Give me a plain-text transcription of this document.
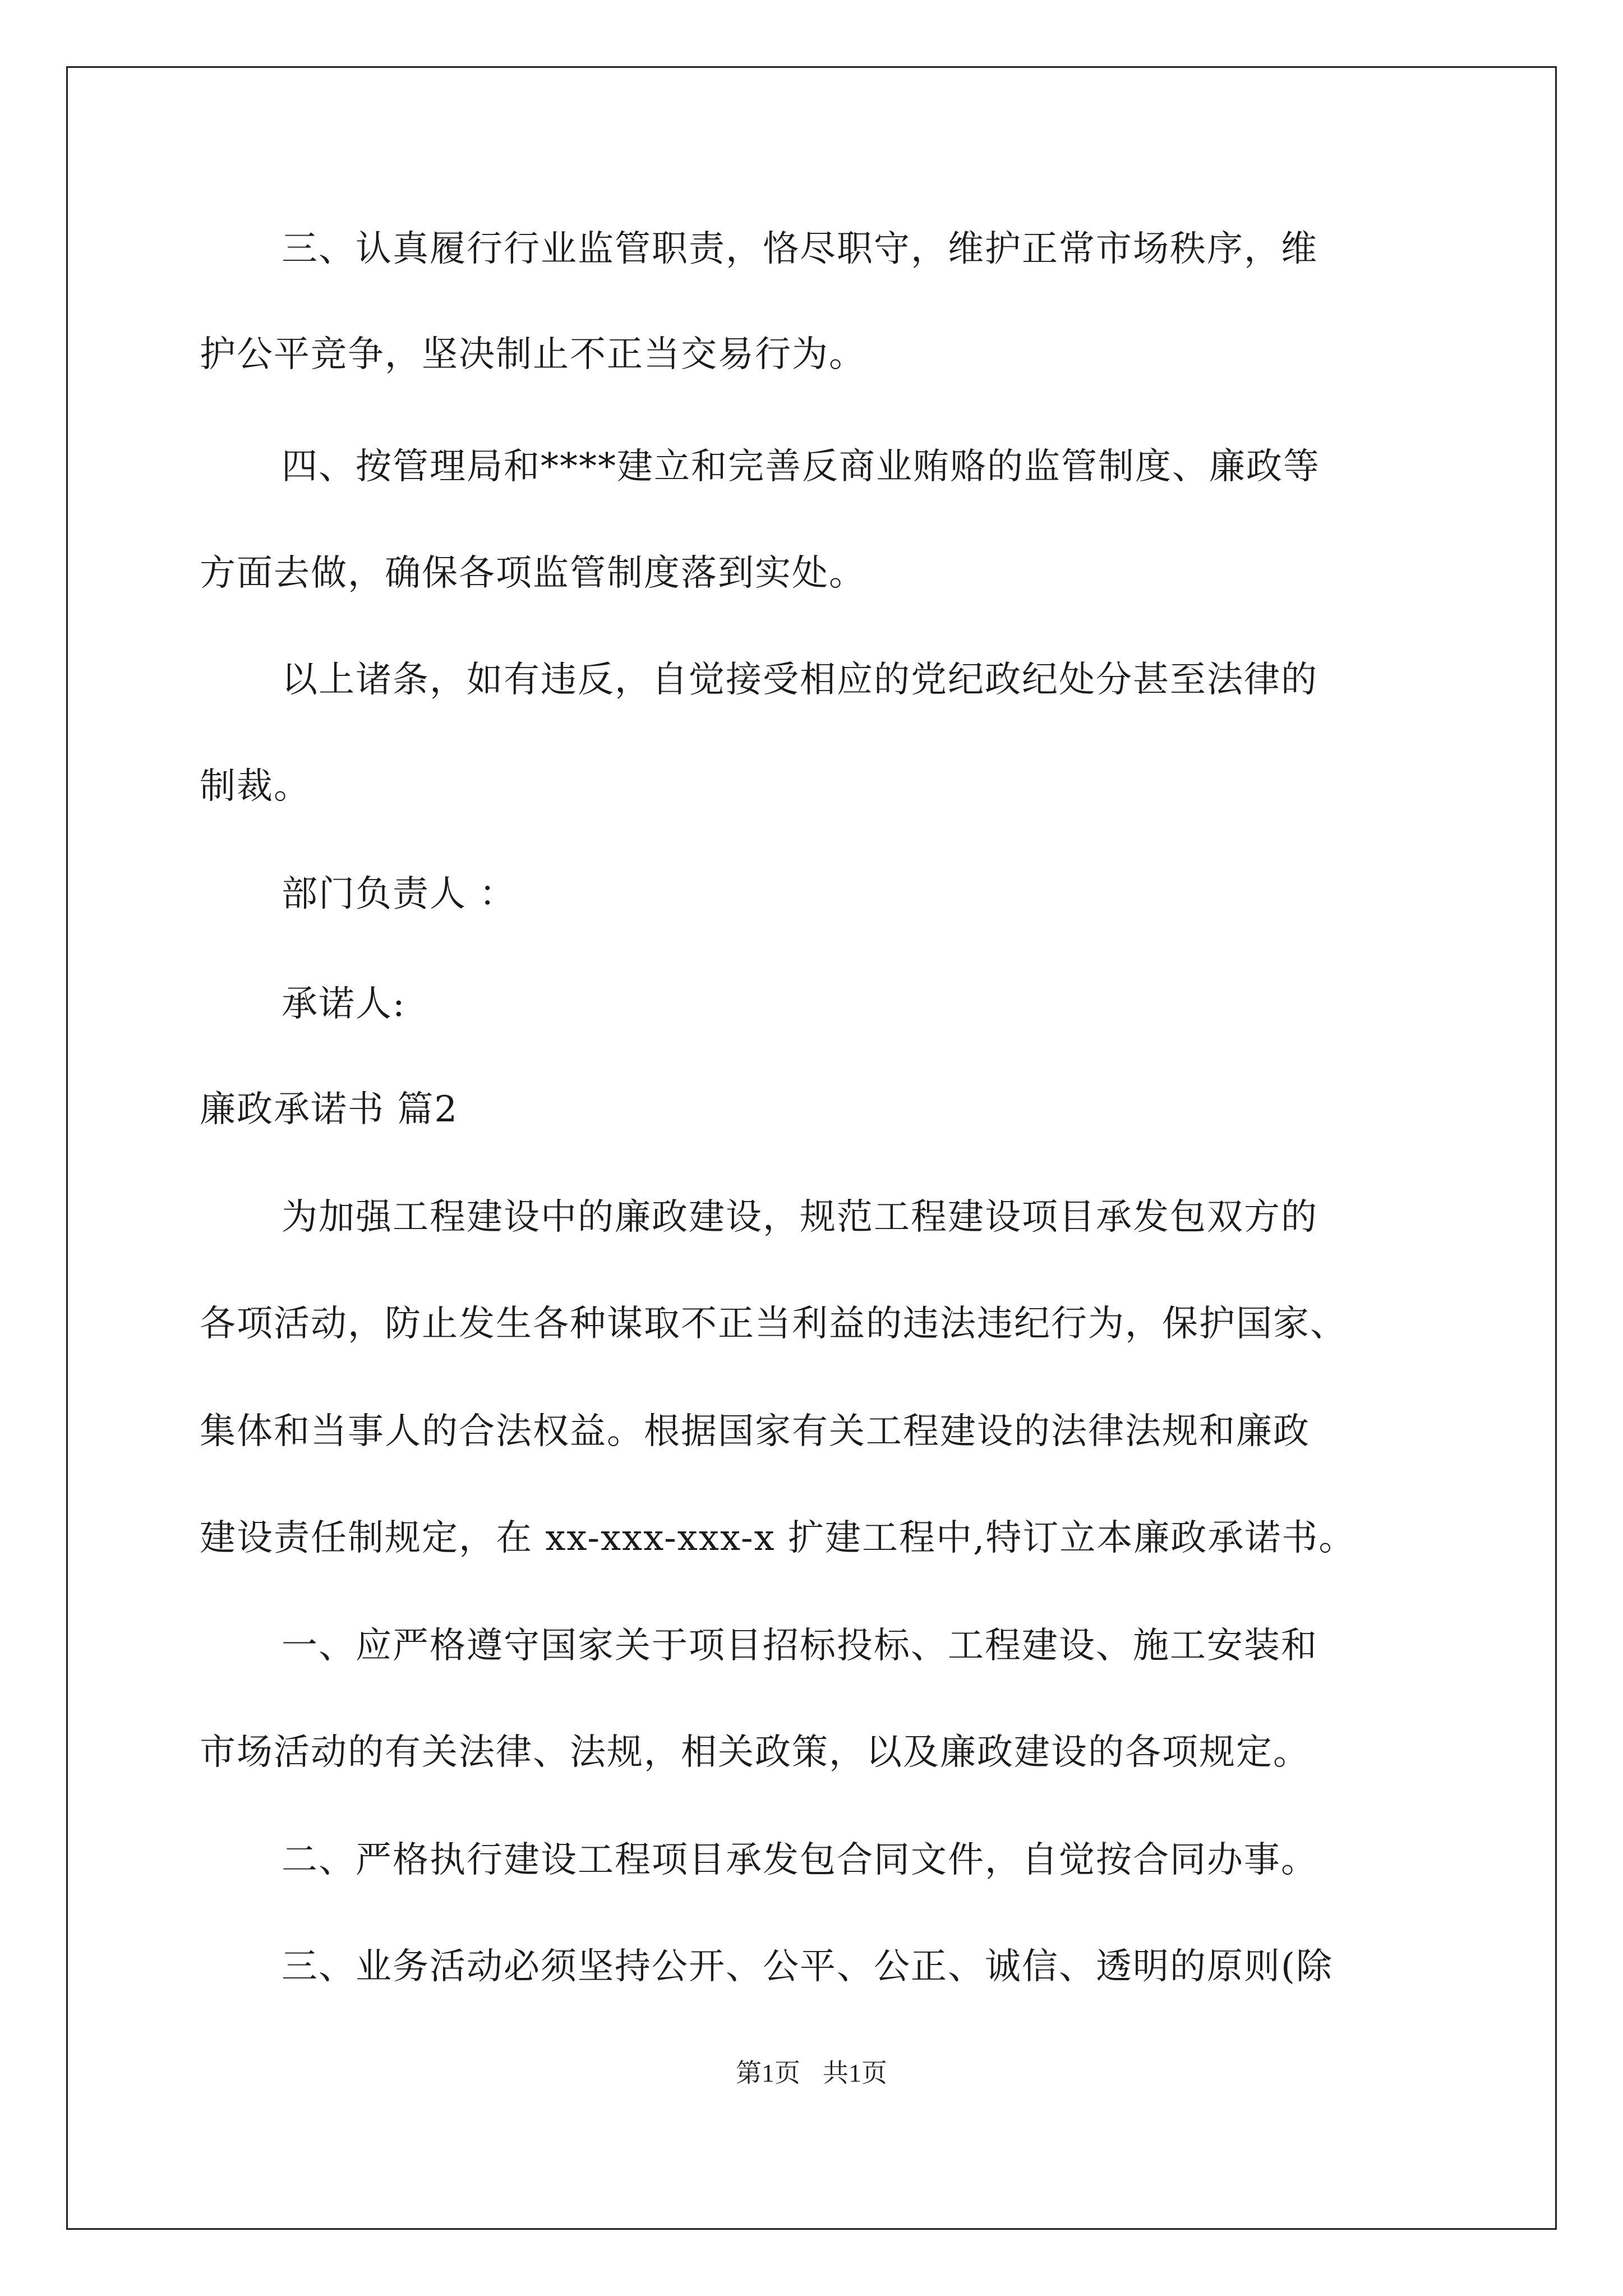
三、认真履行行业监管职责，恪尽职守，维护正常市场秩序，维
护公平竞争，坚决制止不正当交易行为。
四、按管理局和****建立和完善反商业贿赂的监管制度、廉政等
方面去做，确保各项监管制度落到实处。
以上诸条，如有违反，自觉接受相应的党纪政纪处分甚至法律的
制裁。
部门负责人 ：
承诺人:
廉政承诺书 篇2
为加强工程建设中的廉政建设，规范工程建设项目承发包双方的
各项活动，防止发生各种谋取不正当利益的违法违纪行为，保护国家、
集体和当事人的合法权益。根据国家有关工程建设的法律法规和廉政
建设责任制规定，在 xx-xxx-xxx-x 扩建工程中,特订立本廉政承诺书。
一、应严格遵守国家关于项目招标投标、工程建设、施工安装和
市场活动的有关法律、法规，相关政策，以及廉政建设的各项规定。
二、严格执行建设工程项目承发包合同文件，自觉按合同办事。
三、业务活动必须坚持公开、公平、公正、诚信、透明的原则(除
第1页 共1页
